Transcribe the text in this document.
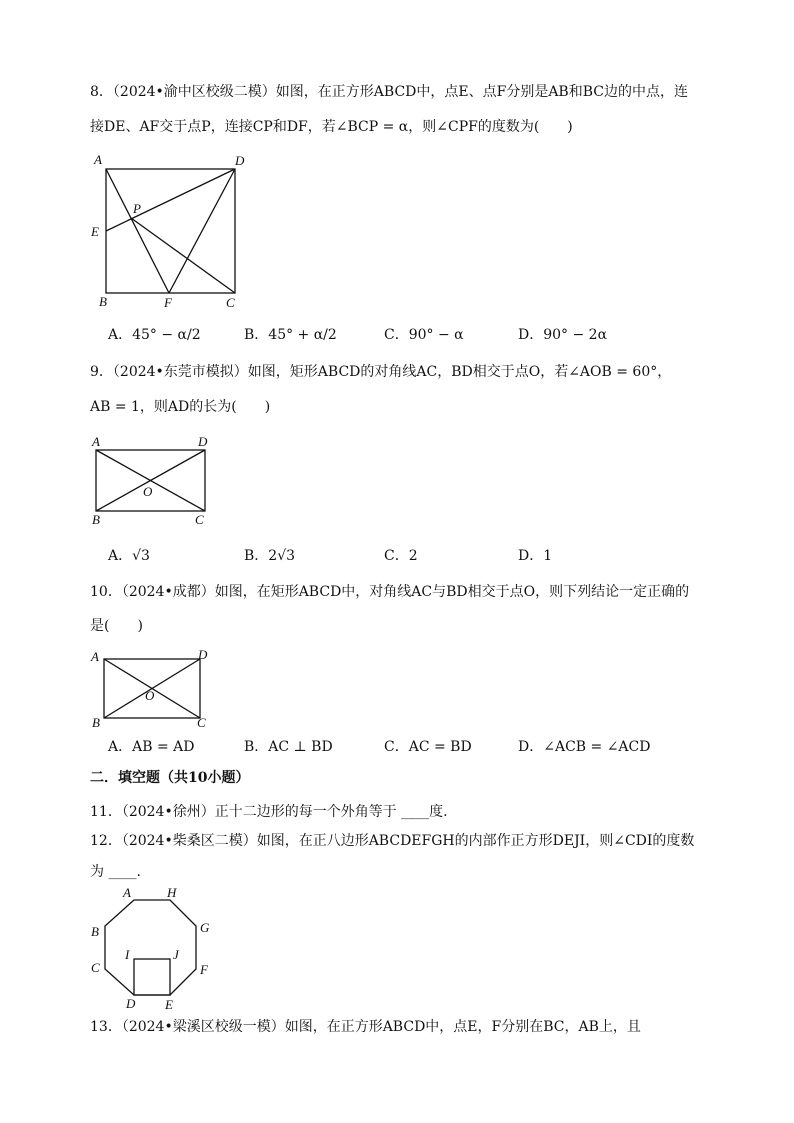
8．（2024•渝中区校级二模）如图，在正方形ABCD中，点E、点F分别是AB和BC边的中点，连
接DE、AF交于点P，连接CP和DF，若∠BCP = α，则∠CPF的度数为(　　)
A	D
E
P
B	F	C
A．45° − α/2	B．45° + α/2	C．90° − α	D．90° − 2α
9．（2024•东莞市模拟）如图，矩形ABCD的对角线AC，BD相交于点O，若∠AOB = 60°，
AB = 1，则AD的长为(　　)
A	D
O
B	C
A．√3	B．2√3	C．2	D．1
10．（2024•成都）如图，在矩形ABCD中，对角线AC与BD相交于点O，则下列结论一定正确的
是(　　)
A	D
O
B	C
A．AB = AD	B．AC ⊥ BD	C．AC = BD	D．∠ACB = ∠ACD
二．填空题（共10小题）
11．（2024•徐州）正十二边形的每一个外角等于 ____度.
12．（2024•柴桑区二模）如图，在正八边形ABCDEFGH的内部作正方形DEJI，则∠CDI的度数
为 ____.
A	H
B	G
C	F
I	J
D E
13．（2024•梁溪区校级一模）如图，在正方形ABCD中，点E，F分别在BC，AB上，且
